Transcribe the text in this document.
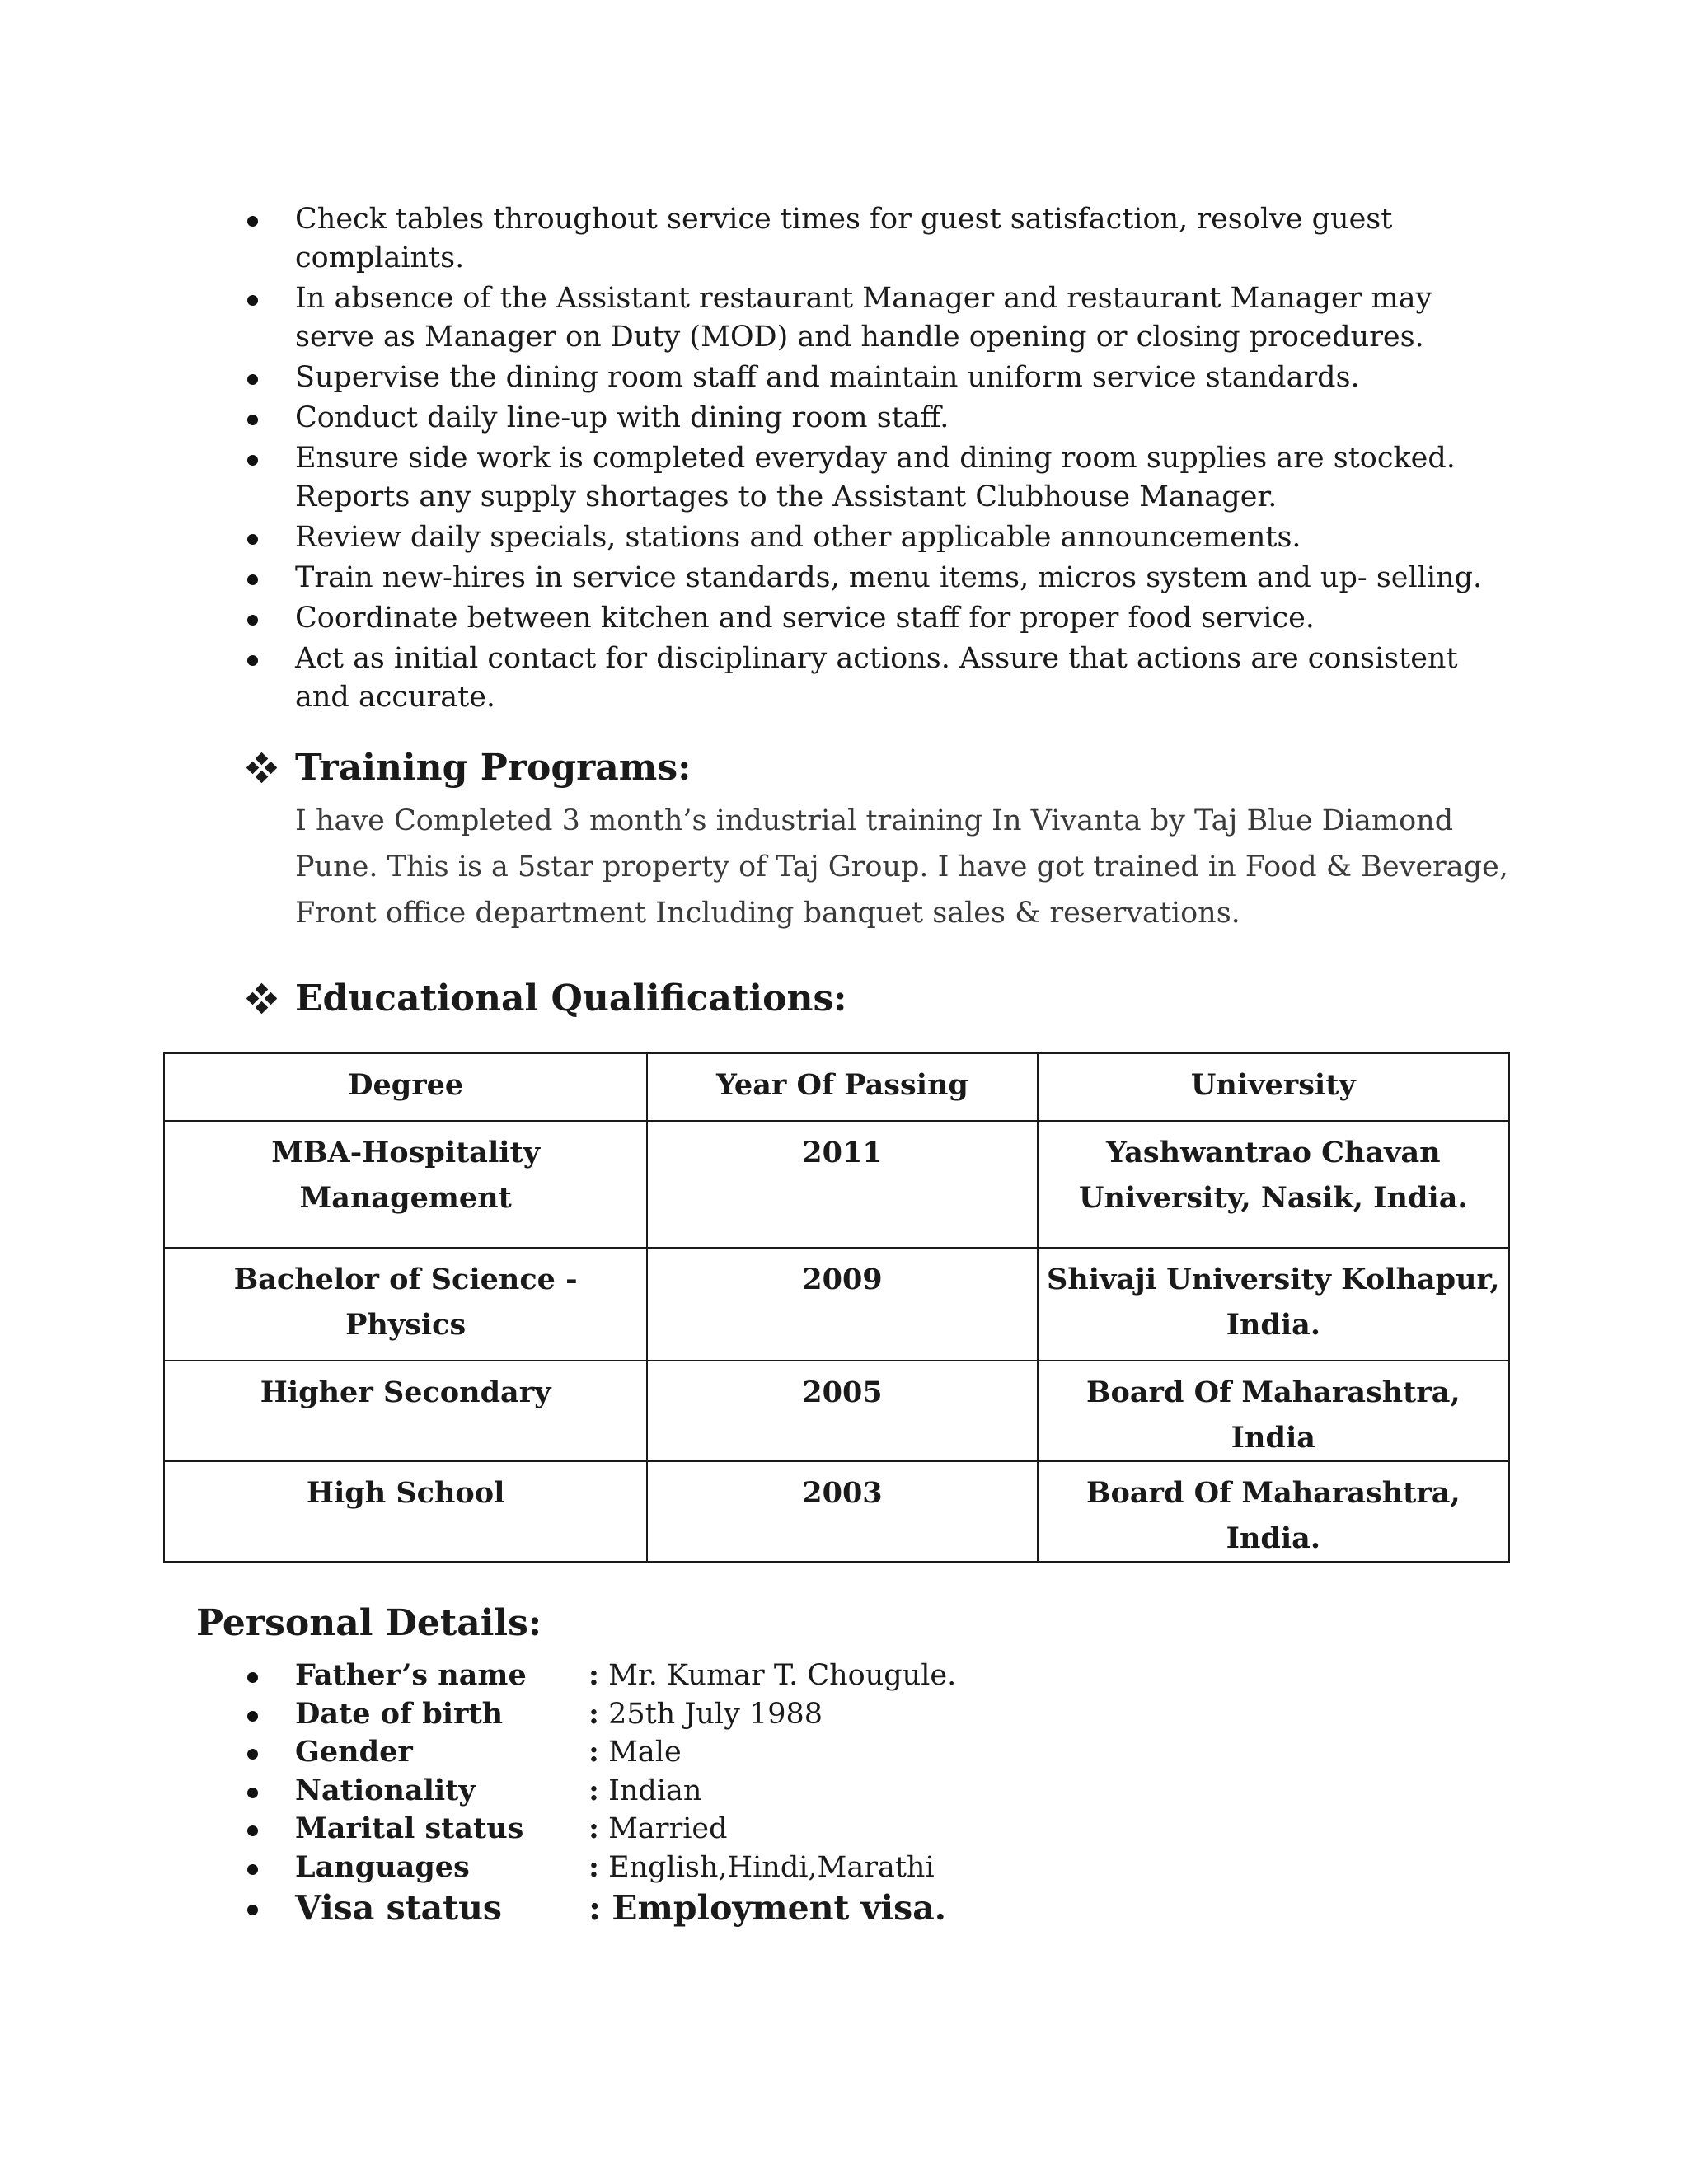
Check tables throughout service times for guest satisfaction, resolve guest complaints.
In absence of the Assistant restaurant Manager and restaurant Manager may serve as Manager on Duty (MOD) and handle opening or closing procedures.
Supervise the dining room staff and maintain uniform service standards.
Conduct daily line-up with dining room staff.
Ensure side work is completed everyday and dining room supplies are stocked. Reports any supply shortages to the Assistant Clubhouse Manager.
Review daily specials, stations and other applicable announcements.
Train new-hires in service standards, menu items, micros system and up- selling.
Coordinate between kitchen and service staff for proper food service.
Act as initial contact for disciplinary actions. Assure that actions are consistent and accurate.
Training Programs:

I have Completed 3 month’s industrial training In Vivanta by Taj Blue Diamond Pune. This is a 5star property of Taj Group. I have got trained in Food & Beverage, Front office department Including banquet sales & reservations.

Educational Qualifications:
Degree	Year Of Passing	University
MBA-Hospitality Management	2011	Yashwantrao Chavan University, Nasik, India.
Bachelor of Science - Physics	2009	Shivaji University Kolhapur, India.
Higher Secondary	2005	Board Of Maharashtra, India
High School	2003	Board Of Maharashtra, India.
Personal Details:
Father’s name : Mr. Kumar T. Chougule.
Date of birth	: 25th July 1988
Gender	: Male
Nationality	: Indian
Marital status : Married
Languages	: English,Hindi,Marathi
Visa status	: Employment visa.
